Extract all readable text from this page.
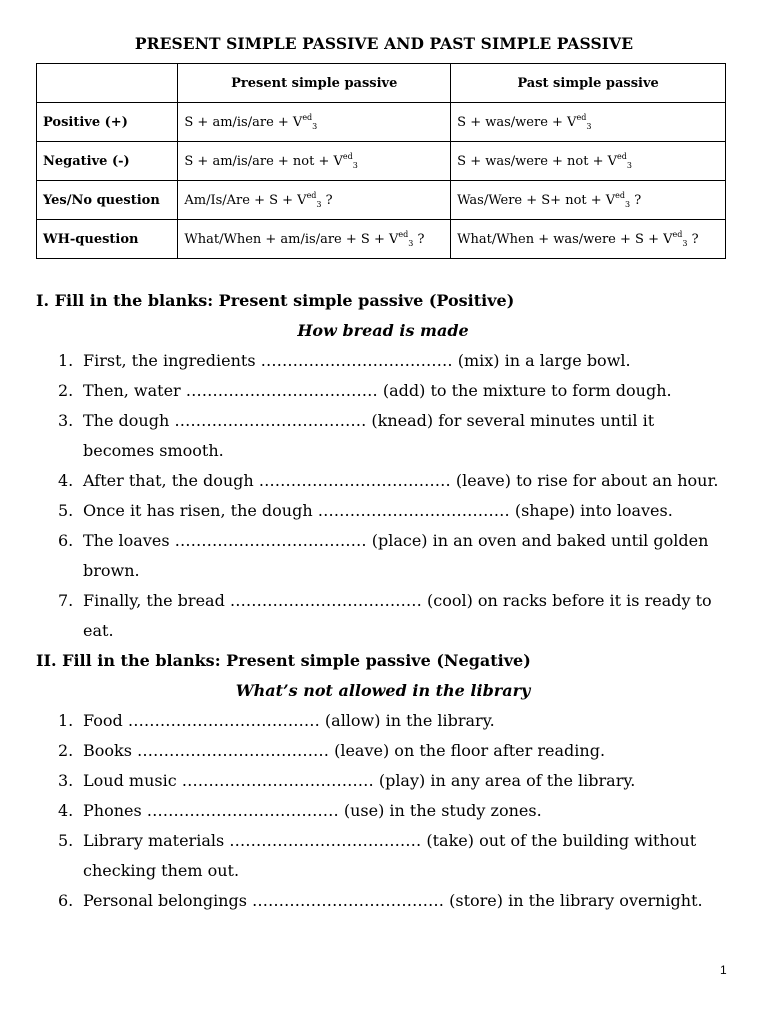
PRESENT SIMPLE PASSIVE AND PAST SIMPLE PASSIVE
	Present simple passive	Past simple passive
Positive (+)	$S + am/is/are + V^{ed}_3$	S + was/were + $V^{ed}_3$
Negative (-)	S + am/is/are + not + $V^{ed}_3$	S + was/were + not + $V^{ed}_3$
Yes/No question	$Am/Is/Are + S + V^{ed}_3$ ?	Was/Were + S+ not + $V^{ed}_3$ ?
WH-question	What/When + $am/is/are + S + V^{ed}_3$ ?	What/When + was/were + $S + V^{ed}_3$ ?
I. Fill in the blanks: Present simple passive (Positive)
How bread is made
1. First, the ingredients ……………………………… (mix) in a large bowl.
2. Then, water ……………………………… (add) to the mixture to form dough.
3. The dough ……………………………… (knead) for several minutes until it becomes smooth.
4. After that, the dough ……………………………… (leave) to rise for about an hour.
5. Once it has risen, the dough ……………………………… (shape) into loaves.
6. The loaves ……………………………… (place) in an oven and baked until golden brown.
7. Finally, the bread ……………………………… (cool) on racks before it is ready to eat.
II. Fill in the blanks: Present simple passive (Negative)
What’s not allowed in the library
1. Food ……………………………… (allow) in the library.
2. Books ……………………………… (leave) on the floor after reading.
3. Loud music ……………………………… (play) in any area of the library.
4. Phones ……………………………… (use) in the study zones.
5. Library materials ……………………………… (take) out of the building without checking them out.
6. Personal belongings ……………………………… (store) in the library overnight.
1
